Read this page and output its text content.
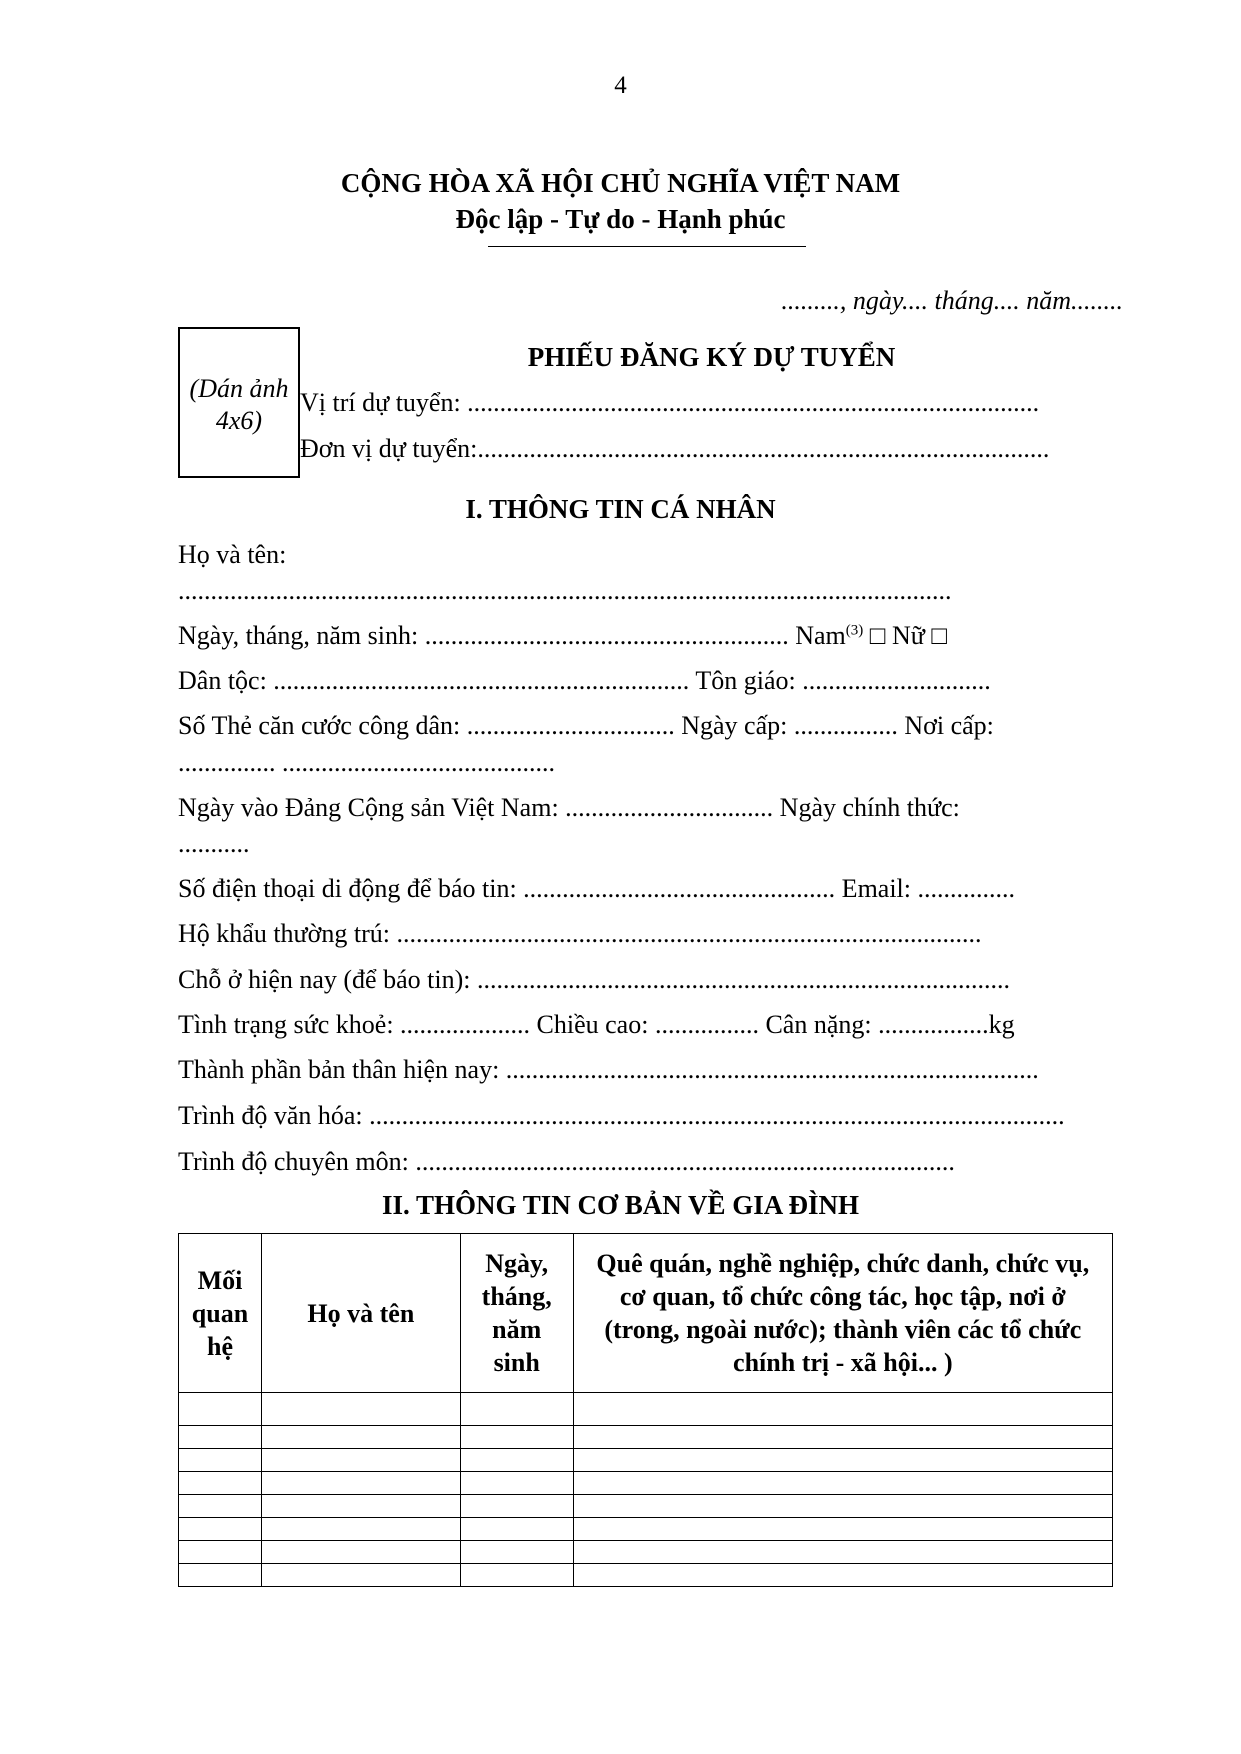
4
CỘNG HÒA XÃ HỘI CHỦ NGHĨA VIỆT NAM
Độc lập - Tự do - Hạnh phúc
........., ngày.... tháng.... năm........
(Dán ảnh
4x6)
PHIẾU ĐĂNG KÝ DỰ TUYỂN
Vị trí dự tuyển: ........................................................................................
Đơn vị dự tuyển:........................................................................................
I. THÔNG TIN CÁ NHÂN
Họ và tên:
.......................................................................................................................
Ngày, tháng, năm sinh: ........................................................ Nam$^{(3)}$ □ Nữ □
Dân tộc: ................................................................ Tôn giáo: .............................
Số Thẻ căn cước công dân: ................................ Ngày cấp: ................ Nơi cấp:
............... ..........................................
Ngày vào Đảng Cộng sản Việt Nam: ................................ Ngày chính thức:
...........
Số điện thoại di động để báo tin: ................................................ Email: ...............
Hộ khẩu thường trú: ..........................................................................................
Chỗ ở hiện nay (để báo tin): ..................................................................................
Tình trạng sức khoẻ: .................... Chiều cao: ................ Cân nặng: .................kg
Thành phần bản thân hiện nay: ..................................................................................
Trình độ văn hóa: ...........................................................................................................
Trình độ chuyên môn: ...................................................................................
II. THÔNG TIN CƠ BẢN VỀ GIA ĐÌNH
Mối quan hệ	Họ và tên	Ngày, tháng, năm sinh	Quê quán, nghề nghiệp, chức danh, chức vụ, cơ quan, tổ chức công tác, học tập, nơi ở (trong, ngoài nước); thành viên các tổ chức chính trị - xã hội... )
